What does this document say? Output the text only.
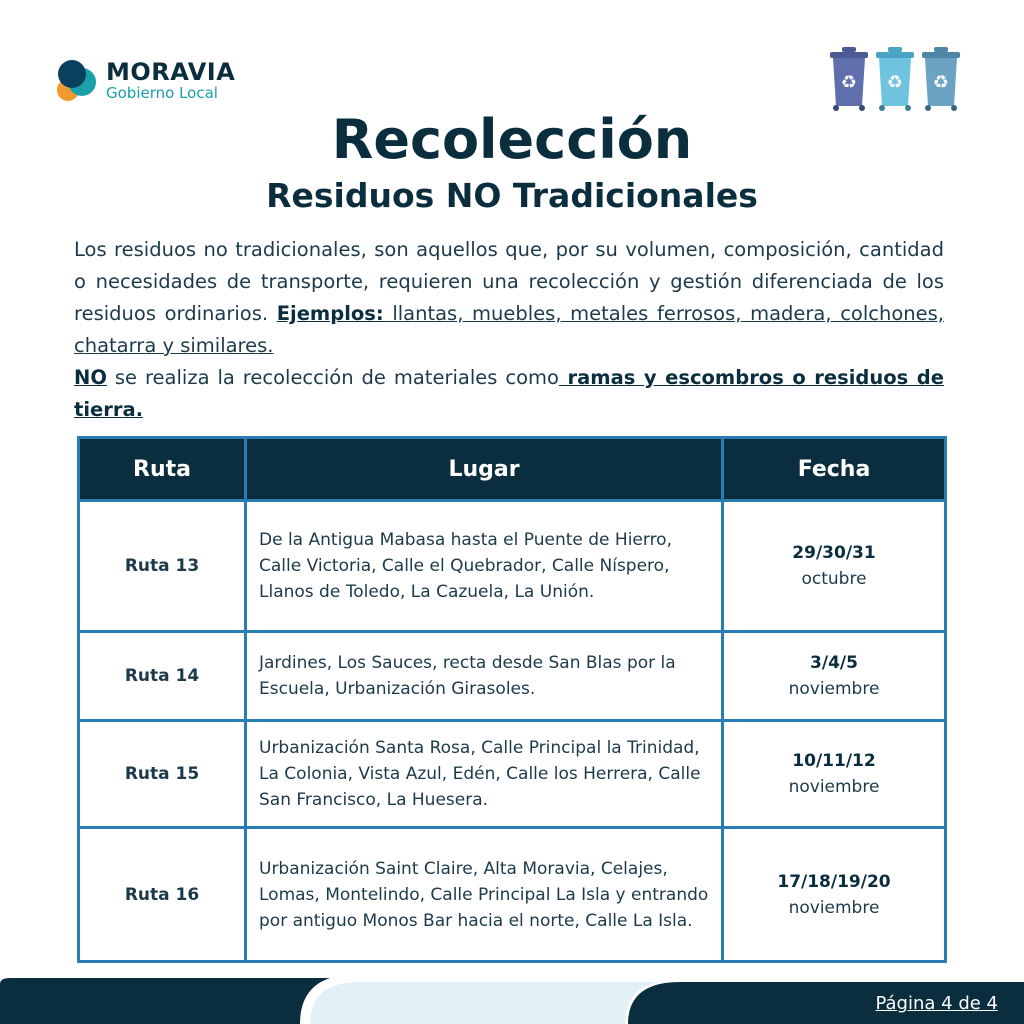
MORAVIA
Gobierno Local	♻ ♻ ♻
Recolección
Residuos NO Tradicionales

Los residuos no tradicionales, son aquellos que, por su volumen, composición, cantidad o necesidades de transporte, requieren una recolección y gestión diferenciada de los residuos ordinarios. Ejemplos: llantas, muebles, metales ferrosos, madera, colchones, chatarra y similares.
NO se realiza la recolección de materiales como ramas y escombros o residuos de tierra.

Ruta	Lugar	Fecha
Ruta 13	De la Antigua Mabasa hasta el Puente de Hierro, Calle Victoria, Calle el Quebrador, Calle Níspero, Llanos de Toledo, La Cazuela, La Unión.	29/30/31
octubre

Ruta 14	Jardines, Los Sauces, recta desde San Blas por la Escuela, Urbanización Girasoles.	3/4/5
noviembre

Ruta 15	Urbanización Santa Rosa, Calle Principal la Trinidad, La Colonia, Vista Azul, Edén, Calle los Herrera, Calle San Francisco, La Huesera.	10/11/12
noviembre

Ruta 16	Urbanización Saint Claire, Alta Moravia, Celajes, Lomas, Montelindo, Calle Principal La Isla y entrando por antiguo Monos Bar hacia el norte, Calle La Isla.	17/18/19/20
noviembre
Página 4 de 4
